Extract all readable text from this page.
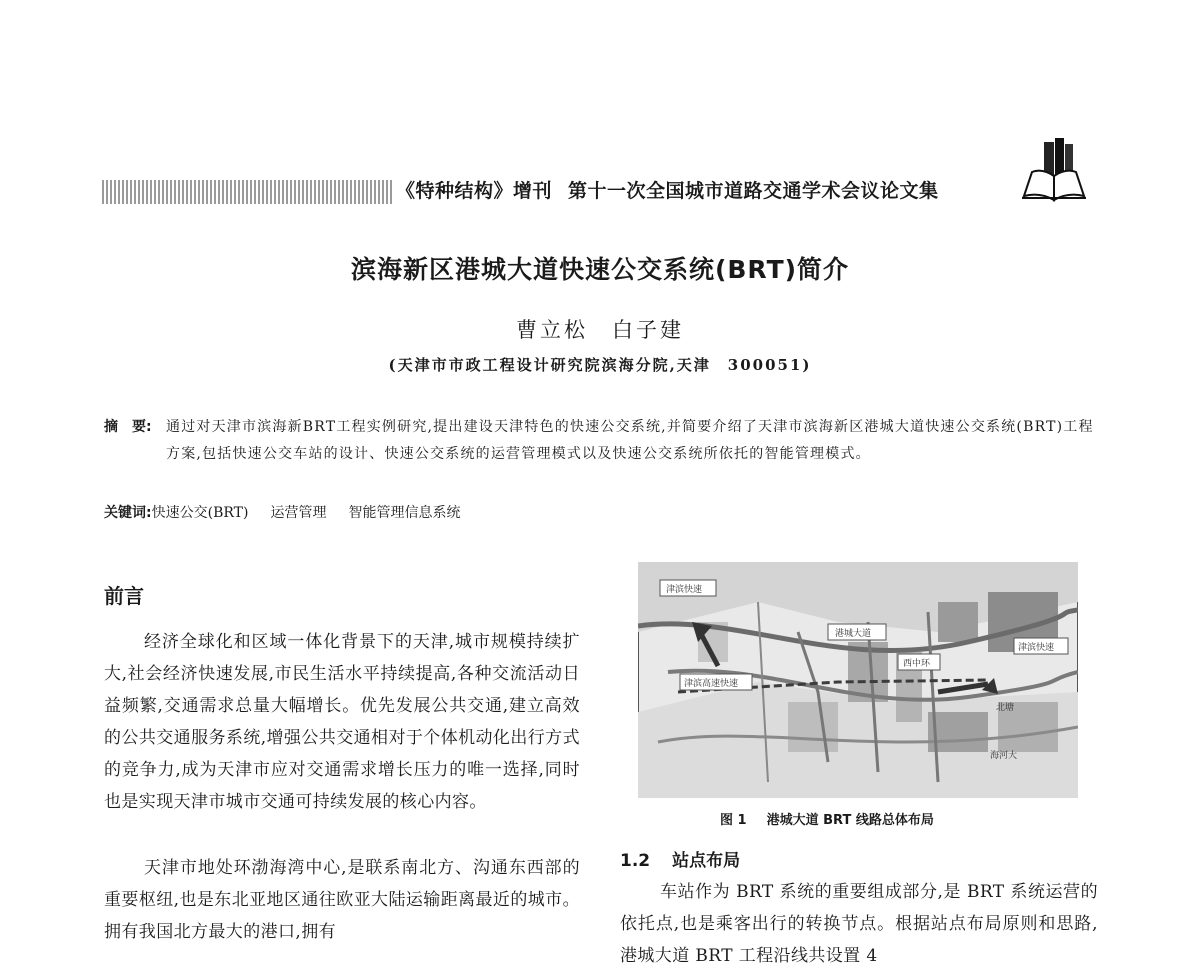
《特种结构》增刊 第十一次全国城市道路交通学术会议论文集
滨海新区港城大道快速公交系统(BRT)简介
曹立松 白子建
(天津市市政工程设计研究院滨海分院,天津　300051)
摘　要: 通过对天津市滨海新BRT工程实例研究,提出建设天津特色的快速公交系统,并简要介绍了天津市滨海新区港城大道快速公交系统(BRT)工程方案,包括快速公交车站的设计、快速公交系统的运营管理模式以及快速公交系统所依托的智能管理模式。
关键词:快速公交(BRT) 运营管理 智能管理信息系统
前言
经济全球化和区域一体化背景下的天津,城市规模持续扩大,社会经济快速发展,市民生活水平持续提高,各种交流活动日益频繁,交通需求总量大幅增长。优先发展公共交通,建立高效的公共交通服务系统,增强公共交通相对于个体机动化出行方式的竞争力,成为天津市应对交通需求增长压力的唯一选择,同时也是实现天津市城市交通可持续发展的核心内容。
天津市地处环渤海湾中心,是联系南北方、沟通东西部的重要枢纽,也是东北亚地区通往欧亚大陆运输距离最近的城市。拥有我国北方最大的港口,拥有
津滨快速
港城大道
西中环
津滨快速
津滨高速快速
北塘
海河大
图 1 港城大道 BRT 线路总体布局
1.2 站点布局
车站作为 BRT 系统的重要组成部分,是 BRT 系统运营的依托点,也是乘客出行的转换节点。根据站点布局原则和思路,港城大道 BRT 工程沿线共设置 4
